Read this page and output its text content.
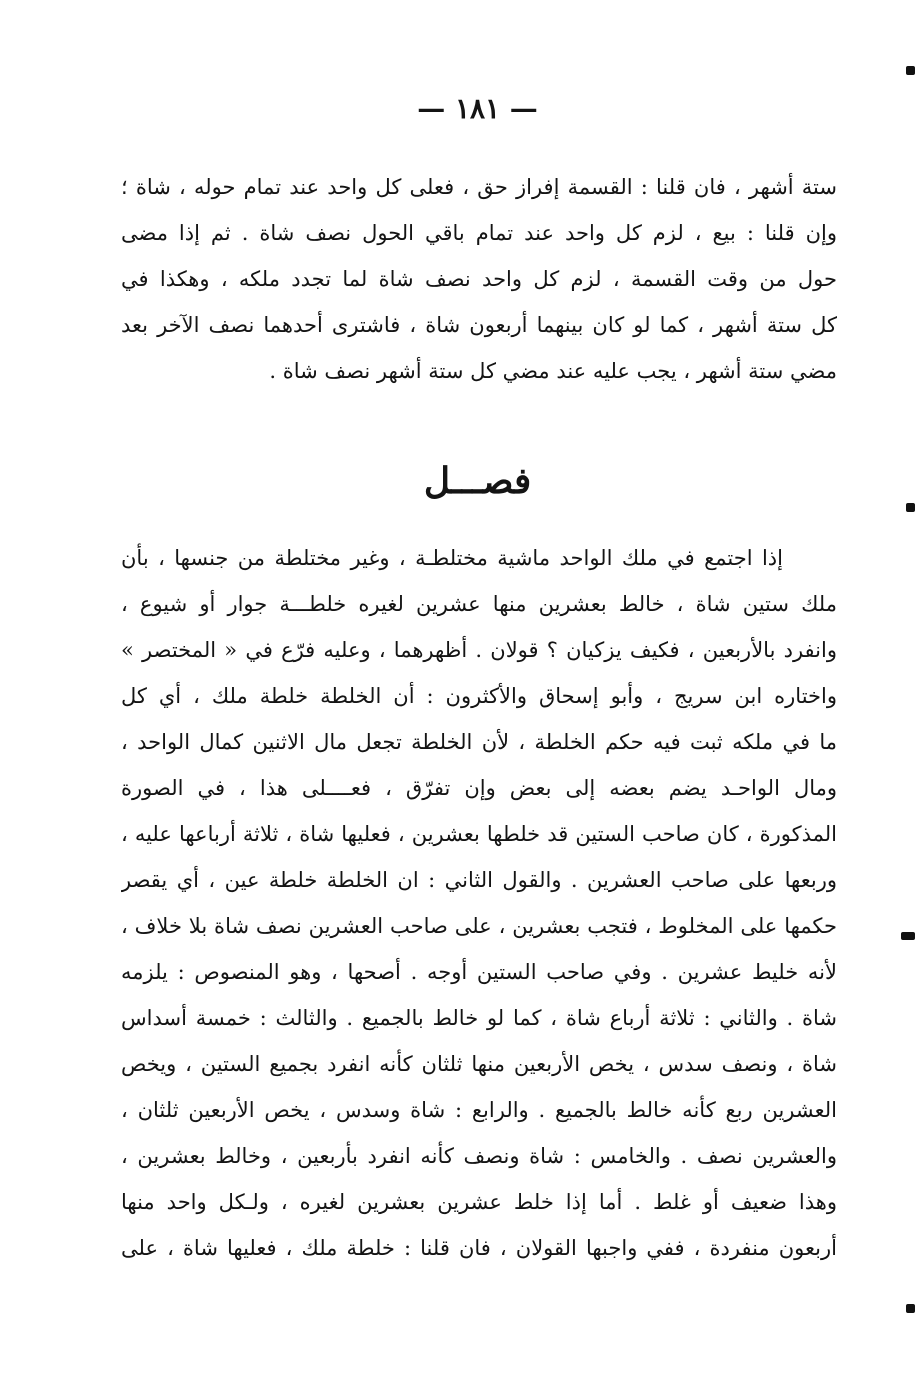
— ١٨١ —
ستة أشهر ، فان قلنا : القسمة إفراز حق ، فعلى كل واحد عند تمام حوله ، شاة ؛
وإن قلنا : بيع ، لزم كل واحد عند تمام باقي الحول نصف شاة . ثم إذا مضى
حول من وقت القسمة ، لزم كل واحد نصف شاة لما تجدد ملكه ، وهكذا في
كل ستة أشهر ، كما لو كان بينهما أربعون شاة ، فاشترى أحدهما نصف الآخر بعد
مضي ستة أشهر ، يجب عليه عند مضي كل ستة أشهر نصف شاة .
فصـــل
إذا اجتمع في ملك الواحد ماشية مختلطـة ، وغير مختلطة من جنسها ، بأن
ملك ستين شاة ، خالط بعشرين منها عشرين لغيره خلطـــة جوار أو شيوع ،
وانفرد بالأربعين ، فكيف يزكيان ؟ قولان . أظهرهما ، وعليه فرّع في « المختصر »
واختاره ابن سريج ، وأبو إسحاق والأكثرون : أن الخلطة خلطة ملك ، أي كل
ما في ملكه ثبت فيه حكم الخلطة ، لأن الخلطة تجعل مال الاثنين كمال الواحد ،
ومال الواحـد يضم بعضه إلى بعض وإن تفرّق ، فعــــلى هذا ، في الصورة
المذكورة ، كان صاحب الستين قد خلطها بعشرين ، فعليها شاة ، ثلاثة أرباعها عليه ،
وربعها على صاحب العشرين . والقول الثاني : ان الخلطة خلطة عين ، أي يقصر
حكمها على المخلوط ، فتجب بعشرين ، على صاحب العشرين نصف شاة بلا خلاف ،
لأنه خليط عشرين . وفي صاحب الستين أوجه . أصحها ، وهو المنصوص : يلزمه
شاة . والثاني : ثلاثة أرباع شاة ، كما لو خالط بالجميع . والثالث : خمسة أسداس
شاة ، ونصف سدس ، يخص الأربعين منها ثلثان كأنه انفرد بجميع الستين ، ويخص
العشرين ربع كأنه خالط بالجميع . والرابع : شاة وسدس ، يخص الأربعين ثلثان ،
والعشرين نصف . والخامس : شاة ونصف كأنه انفرد بأربعين ، وخالط بعشرين ،
وهذا ضعيف أو غلط . أما إذا خلط عشرين بعشرين لغيره ، ولـكل واحد منها
أربعون منفردة ، ففي واجبها القولان ، فان قلنا : خلطة ملك ، فعليها شاة ، على
